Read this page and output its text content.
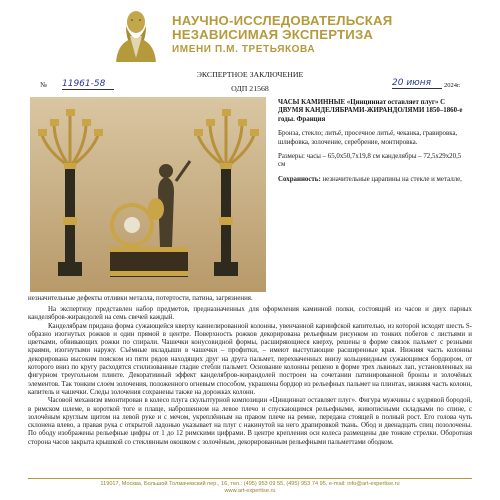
НАУЧНО-ИССЛЕДОВАТЕЛЬСКАЯ
НЕЗАВИСИМАЯ ЭКСПЕРТИЗА
ИМЕНИ П.М. ТРЕТЬЯКОВА
ЭКСПЕРТНОЕ ЗАКЛЮЧЕНИЕ
№ 11961-58	ОДП 21568
20 июня	2024г.

ЧАСЫ КАМИННЫЕ «Цинциннат оставляет плуг» С ДВУМЯ КАНДЕЛЯБРАМИ-ЖИРАНДОЛЯМИ 1850–1860-е годы. Франция

Бронза, стекло; литьё, просечное литьё, чеканка, гравировка, шлифовка, золочение, серебрение, монтировка.

Размеры: часы – 65,0х50,7х19,8 см канделябры – 72,5х29х20,5 см

Сохранность: незначительные царапины на стекле и металле,

незначительные дефекты отливки металла, потертости, патина, загрязнения.

На экспертизу представлен набор предметов, предназначенных для оформления каминной полки, состоящий из часов и двух парных канделябров-жирандолей на семь свечей каждый.

Канделябрам придана форма сужающейся кверху каннелированной колонны, увенчанной каринфской капителью, из которой исходят шесть S-образно изогнутых рожков и один прямой в центре. Поверхность рожков декорирована рельефным рисунком из тонких побегов с листьями и цветками, обвивающих рожки по спирали. Чашечки конусовидной формы, расширяющиеся кверху, решены в форме связок пальмет с резными краями, изогнутыми наружу. Съёмные вкладыши в чашечки – профитки, – имеют выступающие расширенные края. Нижняя часть колонны декорирована высоким пояском из пяти рядов находящих друг на друга пальмет, перехваченных внизу кольцевидным сужающимся бордюром, от которого вниз по кругу расходятся стилизованные гладие стебли пальмет. Основание колонны решено в форме трех львиных лап, установленных на фигурном треугольном плинте. Декоративный эффект канделябров-жирандолей построен на сочетании патинированной бронзы и золочёных элементов. Так тонким слоем золочения, положенного огневым способом, украшены бордюр из рельефных пальмет на плинтах, нижняя часть колонн, капитель и чашечки. Следы золочения сохранены также на дорожках колонн.

Часовой механизм вмонтирован в колесо плуга скульптурной композиции «Цинциннат оставляет плуг». Фигура мужчины с кудрявой бородой, в римском шлеме, в короткой тоге и плаще, наброшенном на левое плечо и спускающимся рельефными, живописными складками по спине, с золочёным круглым щитом на левой руке и с мечом, укреплённым на правом плече на ремне, передана стоящей в полный рост. Его голова чуть склонена влево, а правая рука с открытой ладонью указывает на плуг с накинутой на него драпировкой ткань. Обод и двенадцать спиц позолочены. По ободу изображены рельефные цифры от 1 до 12 римскими цифрами. В центре крепления оси колеса размещены две тонкие стрелки. Оборотная сторона часов закрыта крышкой со стеклянным окошком с золочёным, декорированным рельефными пальметтами ободком.

119017, Москва, Большой Толмачевский пер., 16, тел.: (495) 953 09 55, (495) 953 74 95, e-mail: info@art-expertise.ru
www.art-expertise.ru
